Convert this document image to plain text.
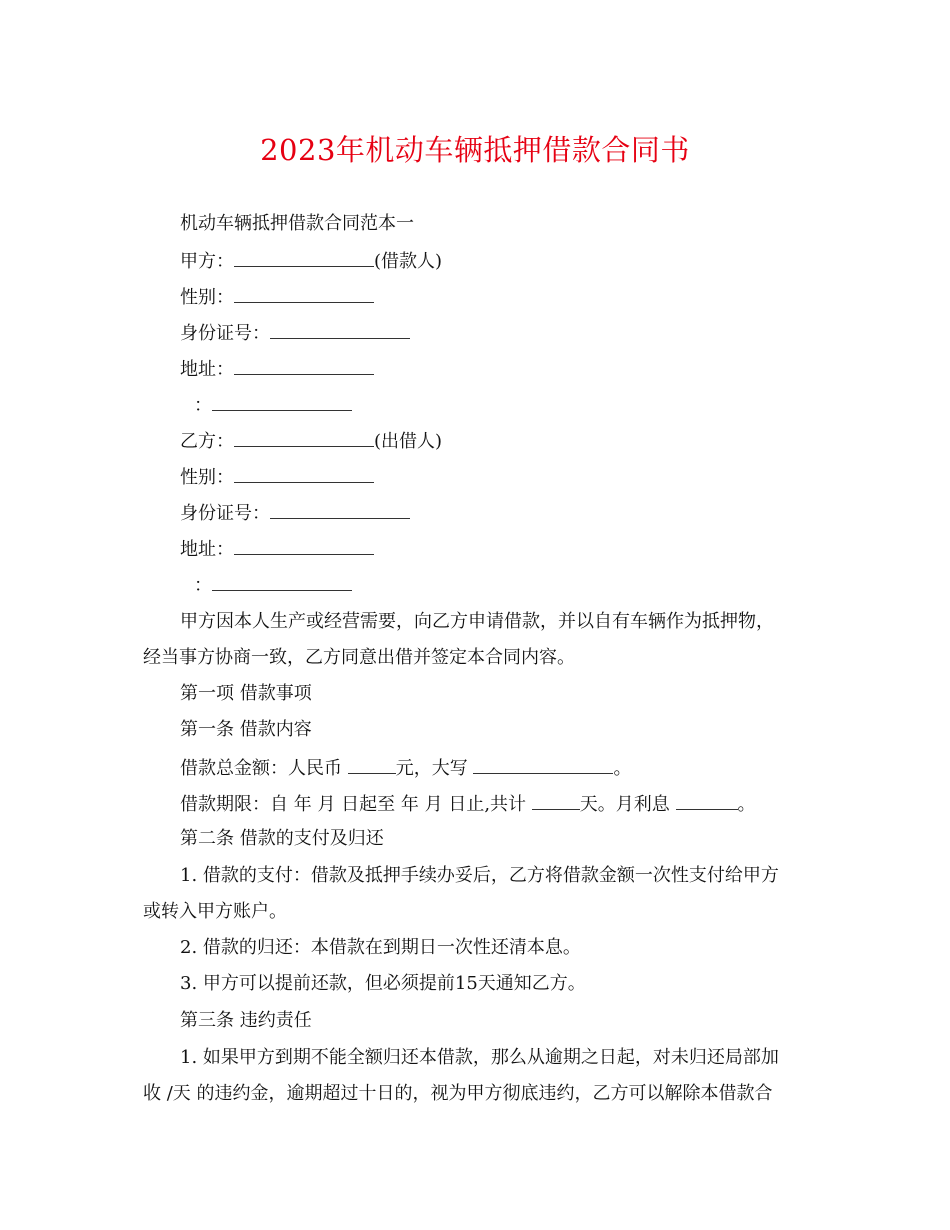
2023年机动车辆抵押借款合同书
机动车辆抵押借款合同范本一
甲方：	(借款人)
性别：
身份证号：
地址：
：
乙方：	(出借人)
性别：
身份证号：
地址：
：
甲方因本人生产或经营需要，向乙方申请借款，并以自有车辆作为抵押物，
经当事方协商一致，乙方同意出借并签定本合同内容。
第一项 借款事项
第一条 借款内容
借款总金额：人民币	元，大写	。
借款期限：自 年 月 日起至 年 月 日止,共计	天。月利息	。
第二条 借款的支付及归还
1. 借款的支付：借款及抵押手续办妥后，乙方将借款金额一次性支付给甲方
或转入甲方账户。
2. 借款的归还：本借款在到期日一次性还清本息。
3. 甲方可以提前还款，但必须提前15天通知乙方。
第三条 违约责任
1. 如果甲方到期不能全额归还本借款，那么从逾期之日起，对未归还局部加
收 /天 的违约金，逾期超过十日的，视为甲方彻底违约，乙方可以解除本借款合
